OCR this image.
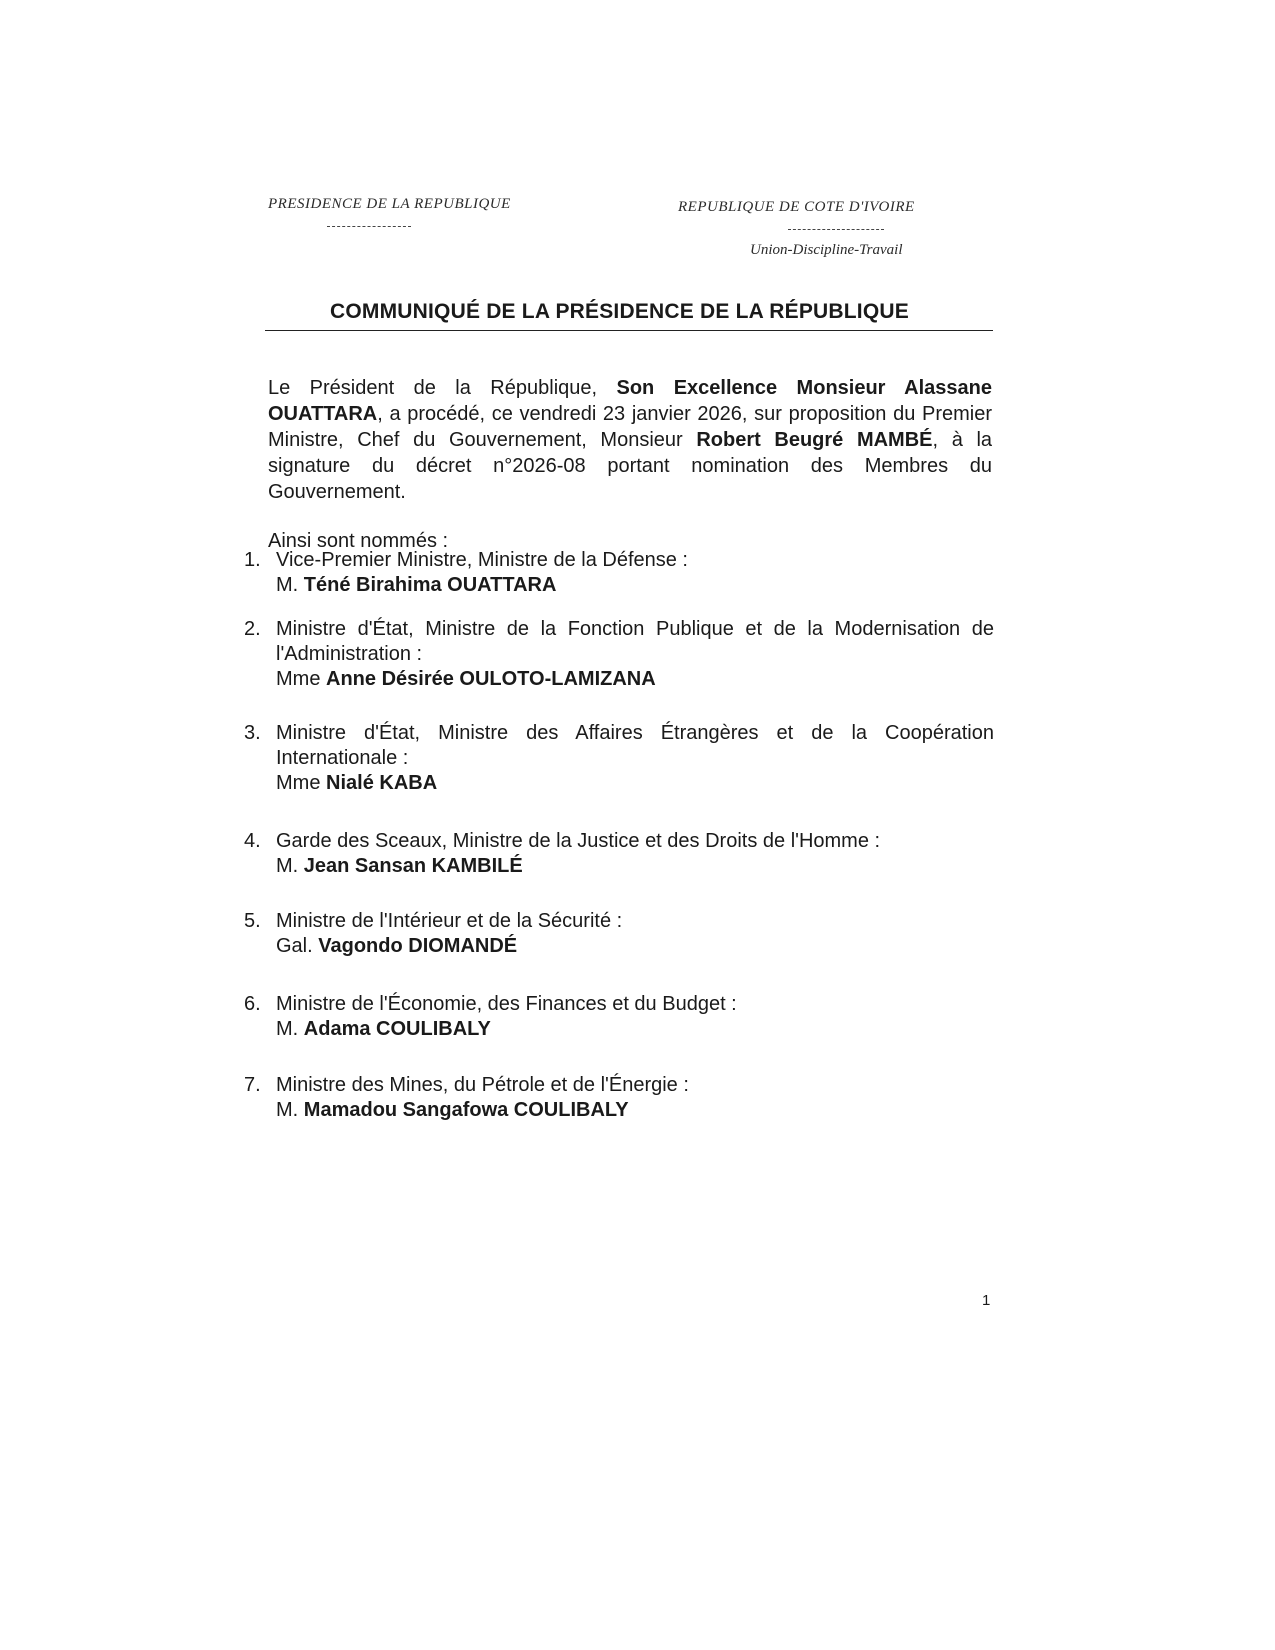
PRESIDENCE DE LA REPUBLIQUE	REPUBLIQUE DE COTE D'IVOIRE
Union-Discipline-Travail
COMMUNIQUÉ DE LA PRÉSIDENCE DE LA RÉPUBLIQUE

Le Président de la République, Son Excellence Monsieur Alassane OUATTARA, a procédé, ce vendredi 23 janvier 2026, sur proposition du Premier Ministre, Chef du Gouvernement, Monsieur Robert Beugré MAMBÉ, à la signature du décret n°2026-08 portant nomination des Membres du Gouvernement.

Ainsi sont nommés :
1. Vice-Premier Ministre, Ministre de la Défense :
M. Téné Birahima OUATTARA
2. Ministre d'État, Ministre de la Fonction Publique et de la Modernisation de l'Administration :
Mme Anne Désirée OULOTO-LAMIZANA
3. Ministre d'État, Ministre des Affaires Étrangères et de la Coopération Internationale :
Mme Nialé KABA
4. Garde des Sceaux, Ministre de la Justice et des Droits de l'Homme :
M. Jean Sansan KAMBILÉ
5. Ministre de l'Intérieur et de la Sécurité :
Gal. Vagondo DIOMANDÉ
6. Ministre de l'Économie, des Finances et du Budget :
M. Adama COULIBALY
7. Ministre des Mines, du Pétrole et de l'Énergie :
M. Mamadou Sangafowa COULIBALY
1
